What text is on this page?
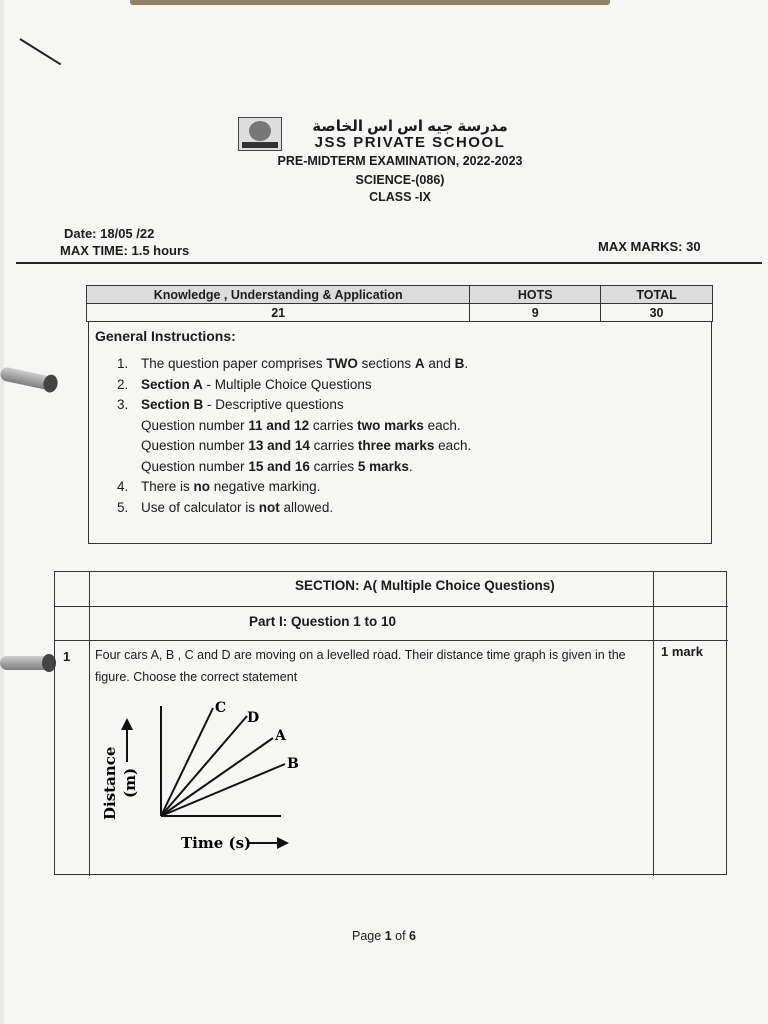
مدرسة جيه اس اس الخاصة
JSS PRIVATE SCHOOL
PRE-MIDTERM EXAMINATION, 2022-2023
SCIENCE-(086)
CLASS -IX
Date: 18/05 /22
MAX TIME: 1.5 hours	MAX MARKS: 30
Knowledge , Understanding & Application	HOTS	TOTAL
21	9	30
General Instructions:
1. The question paper comprises TWO sections A and B.
2. Section A - Multiple Choice Questions
3. Section B - Descriptive questions
Question number 11 and 12 carries two marks each.
Question number 13 and 14 carries three marks each.
Question number 15 and 16 carries 5 marks.
4. There is no negative marking.
5. Use of calculator is not allowed.
SECTION: A( Multiple Choice Questions)
Part I: Question 1 to 10
1 Four cars A, B , C and D are moving on a levelled road. Their distance time graph is given in the figure. Choose the correct statement
1 mark
Distance (m)
C
D
A
B
Time (s)
Page 1 of 6
